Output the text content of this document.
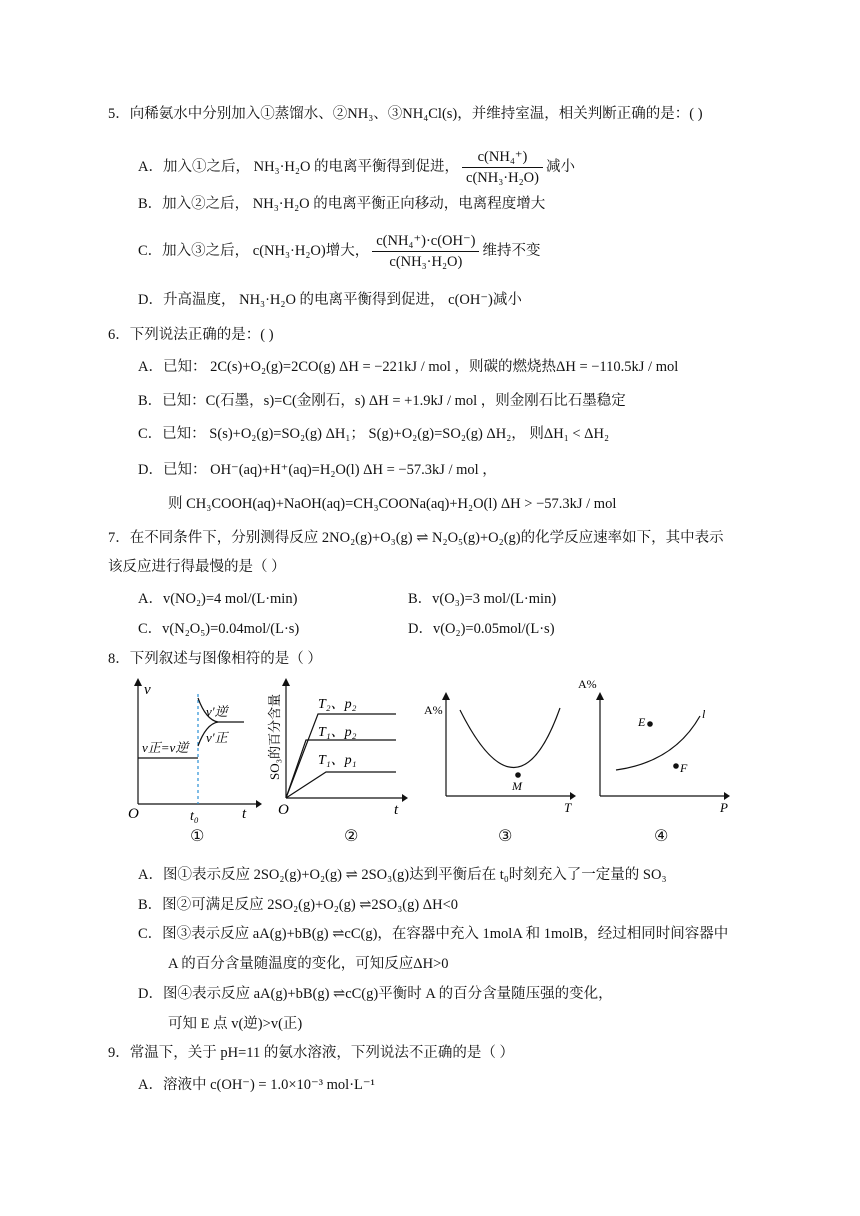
5．向稀氨水中分别加入①蒸馏水、②NH₃、③NH₄Cl(s)，并维持室温，相关判断正确的是：( )
A．加入①之后， NH₃·H₂O 的电离平衡得到促进， $\frac{\text{c(NH₄⁺)}}{\text{c(NH₃·H₂O)}}$ 减小
B．加入②之后， NH₃·H₂O 的电离平衡正向移动，电离程度增大
C．加入③之后， c(NH₃·H₂O)增大， $\frac{\text{c(NH₄⁺)·c(OH⁻)}}{\text{c(NH₃·H₂O)}}$ 维持不变
D．升高温度， NH₃·H₂O 的电离平衡得到促进， c(OH⁻)减小
6．下列说法正确的是：( )
A．已知： 2C(s)+O₂(g)=2CO(g) ΔH = −221kJ / mol ，则碳的燃烧热ΔH = −110.5kJ / mol
B．已知：C(石墨，s)=C(金刚石，s) ΔH = +1.9kJ / mol ，则金刚石比石墨稳定
C．已知： S(s)+O₂(g)=SO₂(g) ΔH₁； S(g)+O₂(g)=SO₂(g) ΔH₂， 则ΔH₁ < ΔH₂
D．已知： OH⁻(aq)+H⁺(aq)=H₂O(l) ΔH = −57.3kJ / mol ，
则 CH₃COOH(aq)+NaOH(aq)=CH₃COONa(aq)+H₂O(l) ΔH > −57.3kJ / mol
7．在不同条件下，分别测得反应 2NO₂(g)+O₃(g) ⇌ N₂O₅(g)+O₂(g)的化学反应速率如下，其中表示
该反应进行得最慢的是（ ）
A．v(NO₂)=4 mol/(L·min)	B．v(O₃)=3 mol/(L·min)
C．v(N₂O₅)=0.04mol/(L·s)	D．v(O₂)=0.05mol/(L·s)
8．下列叙述与图像相符的是（ ）
v
v′逆
v′正
v正=v逆
O	t₀	t
①
SO₃的百分含量	T₂、p₂
T₁、p₂
T₁、p₁
O	t
②
A%
M
T
③
A%
l
E
F
P
④
A．图①表示反应 2SO₂(g)+O₂(g) ⇌ 2SO₃(g)达到平衡后在 t₀时刻充入了一定量的 SO₃
B．图②可满足反应 2SO₂(g)+O₂(g) ⇌2SO₃(g) ΔH<0
C．图③表示反应 aA(g)+bB(g) ⇌cC(g)，在容器中充入 1molA 和 1molB，经过相同时间容器中
A 的百分含量随温度的变化，可知反应ΔH>0
D．图④表示反应 aA(g)+bB(g) ⇌cC(g)平衡时 A 的百分含量随压强的变化，
可知 E 点 v(逆)>v(正)
9．常温下，关于 pH=11 的氨水溶液，下列说法不正确的是（ ）
A．溶液中 c(OH⁻) = 1.0×10⁻³ mol·L⁻¹
